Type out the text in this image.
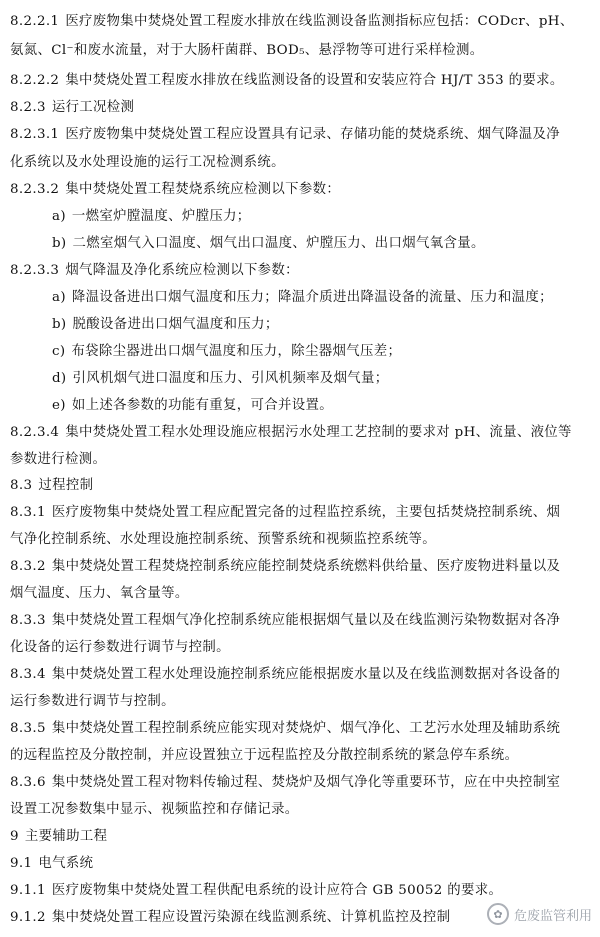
8.2.2.1 医疗废物集中焚烧处置工程废水排放在线监测设备监测指标应包括：CODcr、pH、
氨氮、Cl⁻和废水流量，对于大肠杆菌群、BOD₅、悬浮物等可进行采样检测。
8.2.2.2 集中焚烧处置工程废水排放在线监测设备的设置和安装应符合 HJ/T 353 的要求。
8.2.3 运行工况检测
8.2.3.1 医疗废物集中焚烧处置工程应设置具有记录、存储功能的焚烧系统、烟气降温及净
化系统以及水处理设施的运行工况检测系统。
8.2.3.2 集中焚烧处置工程焚烧系统应检测以下参数：
a) 一燃室炉膛温度、炉膛压力；
b) 二燃室烟气入口温度、烟气出口温度、炉膛压力、出口烟气氧含量。
8.2.3.3 烟气降温及净化系统应检测以下参数：
a) 降温设备进出口烟气温度和压力；降温介质进出降温设备的流量、压力和温度；
b) 脱酸设备进出口烟气温度和压力；
c) 布袋除尘器进出口烟气温度和压力，除尘器烟气压差；
d) 引风机烟气进口温度和压力、引风机频率及烟气量；
e) 如上述各参数的功能有重复，可合并设置。
8.2.3.4 集中焚烧处置工程水处理设施应根据污水处理工艺控制的要求对 pH、流量、液位等
参数进行检测。
8.3 过程控制
8.3.1 医疗废物集中焚烧处置工程应配置完备的过程监控系统，主要包括焚烧控制系统、烟
气净化控制系统、水处理设施控制系统、预警系统和视频监控系统等。
8.3.2 集中焚烧处置工程焚烧控制系统应能控制焚烧系统燃料供给量、医疗废物进料量以及
烟气温度、压力、氧含量等。
8.3.3 集中焚烧处置工程烟气净化控制系统应能根据烟气量以及在线监测污染物数据对各净
化设备的运行参数进行调节与控制。
8.3.4 集中焚烧处置工程水处理设施控制系统应能根据废水量以及在线监测数据对各设备的
运行参数进行调节与控制。
8.3.5 集中焚烧处置工程控制系统应能实现对焚烧炉、烟气净化、工艺污水处理及辅助系统
的远程监控及分散控制，并应设置独立于远程监控及分散控制系统的紧急停车系统。
8.3.6 集中焚烧处置工程对物料传输过程、焚烧炉及烟气净化等重要环节，应在中央控制室
设置工况参数集中显示、视频监控和存储记录。
9 主要辅助工程
9.1 电气系统
9.1.1 医疗废物集中焚烧处置工程供配电系统的设计应符合 GB 50052 的要求。
9.1.2 集中焚烧处置工程应设置污染源在线监测系统、计算机监控及控制	✿ 危废监管利用
